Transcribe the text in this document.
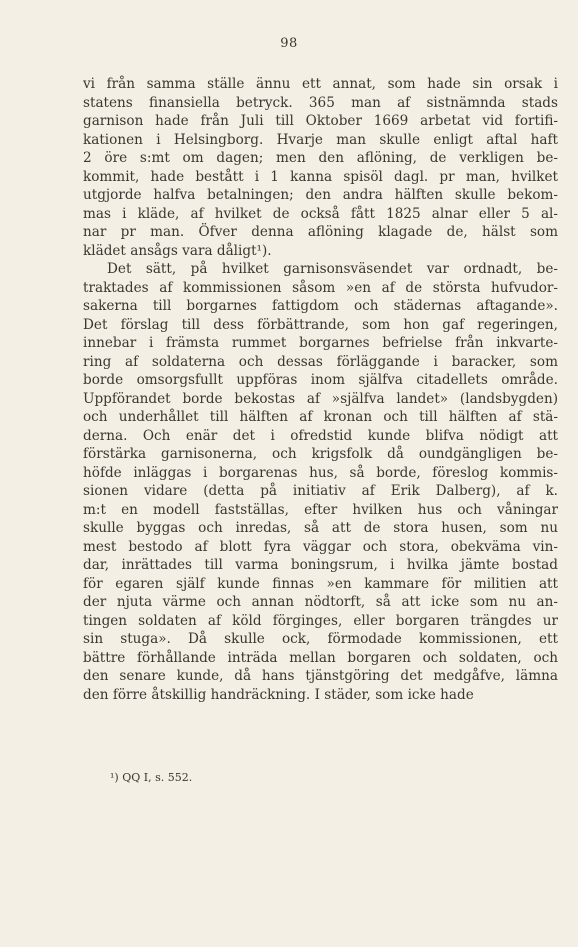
98
vi från samma ställe ännu ett annat, som hade sin orsak i
statens finansiella betryck. 365 man af sistnämnda stads
garnison hade från Juli till Oktober 1669 arbetat vid fortifi-
kationen i Helsingborg. Hvarje man skulle enligt aftal haft
2 öre s:mt om dagen; men den aflöning, de verkligen be-
kommit, hade bestått i 1 kanna spisöl dagl. pr man, hvilket
utgjorde halfva betalningen; den andra hälften skulle bekom-
mas i kläde, af hvilket de också fått 1825 alnar eller 5 al-
nar pr man. Öfver denna aflöning klagade de, hälst som
klädet ansågs vara dåligt¹).
Det sätt, på hvilket garnisonsväsendet var ordnadt, be-
traktades af kommissionen såsom »en af de största hufvudor-
sakerna till borgarnes fattigdom och städernas aftagande».
Det förslag till dess förbättrande, som hon gaf regeringen,
innebar i främsta rummet borgarnes befrielse från inkvarte-
ring af soldaterna och dessas förläggande i baracker, som
borde omsorgsfullt uppföras inom själfva citadellets område.
Uppförandet borde bekostas af »själfva landet» (landsbygden)
och underhållet till hälften af kronan och till hälften af stä-
derna. Och enär det i ofredstid kunde blifva nödigt att
förstärka garnisonerna, och krigsfolk då oundgängligen be-
höfde inläggas i borgarenas hus, så borde, föreslog kommis-
sionen vidare (detta på initiativ af Erik Dalberg), af k.
m:t en modell fastställas, efter hvilken hus och våningar
skulle byggas och inredas, så att de stora husen, som nu
mest bestodo af blott fyra väggar och stora, obekväma vin-
dar, inrättades till varma boningsrum, i hvilka jämte bostad
för egaren själf kunde finnas »en kammare för militien att
der njuta värme och annan nödtorft, så att icke som nu an-
tingen soldaten af köld förginges, eller borgaren trängdes ur
sin stuga». Då skulle ock, förmodade kommissionen, ett
bättre förhållande inträda mellan borgaren och soldaten, och
den senare kunde, då hans tjänstgöring det medgåfve, lämna
den förre åtskillig handräckning. I städer, som icke hade
¹) QQ I, s. 552.
